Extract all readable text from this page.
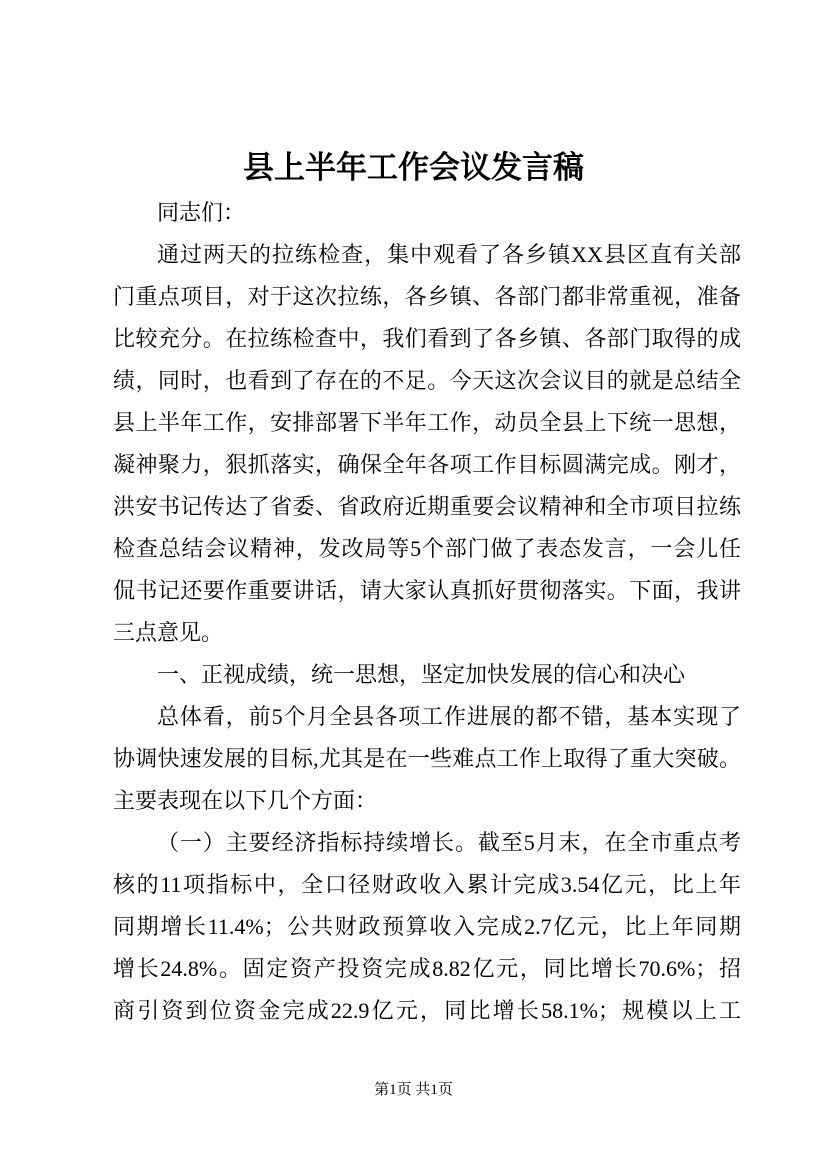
县上半年工作会议发言稿
同志们：
通过两天的拉练检查，集中观看了各乡镇XX县区直有关部
门重点项目，对于这次拉练，各乡镇、各部门都非常重视，准备
比较充分。在拉练检查中，我们看到了各乡镇、各部门取得的成
绩，同时，也看到了存在的不足。今天这次会议目的就是总结全
县上半年工作，安排部署下半年工作，动员全县上下统一思想，
凝神聚力，狠抓落实，确保全年各项工作目标圆满完成。刚才，
洪安书记传达了省委、省政府近期重要会议精神和全市项目拉练
检查总结会议精神，发改局等5个部门做了表态发言，一会儿任
侃书记还要作重要讲话，请大家认真抓好贯彻落实。下面，我讲
三点意见。
一、正视成绩，统一思想，坚定加快发展的信心和决心
总体看，前5个月全县各项工作进展的都不错，基本实现了
协调快速发展的目标,尤其是在一些难点工作上取得了重大突破。
主要表现在以下几个方面：
（一）主要经济指标持续增长。截至5月末，在全市重点考
核的11项指标中，全口径财政收入累计完成3.54亿元，比上年
同期增长11.4%；公共财政预算收入完成2.7亿元，比上年同期
增长24.8%。固定资产投资完成8.82亿元，同比增长70.6%；招
商引资到位资金完成22.9亿元，同比增长58.1%；规模以上工
第1页 共1页
